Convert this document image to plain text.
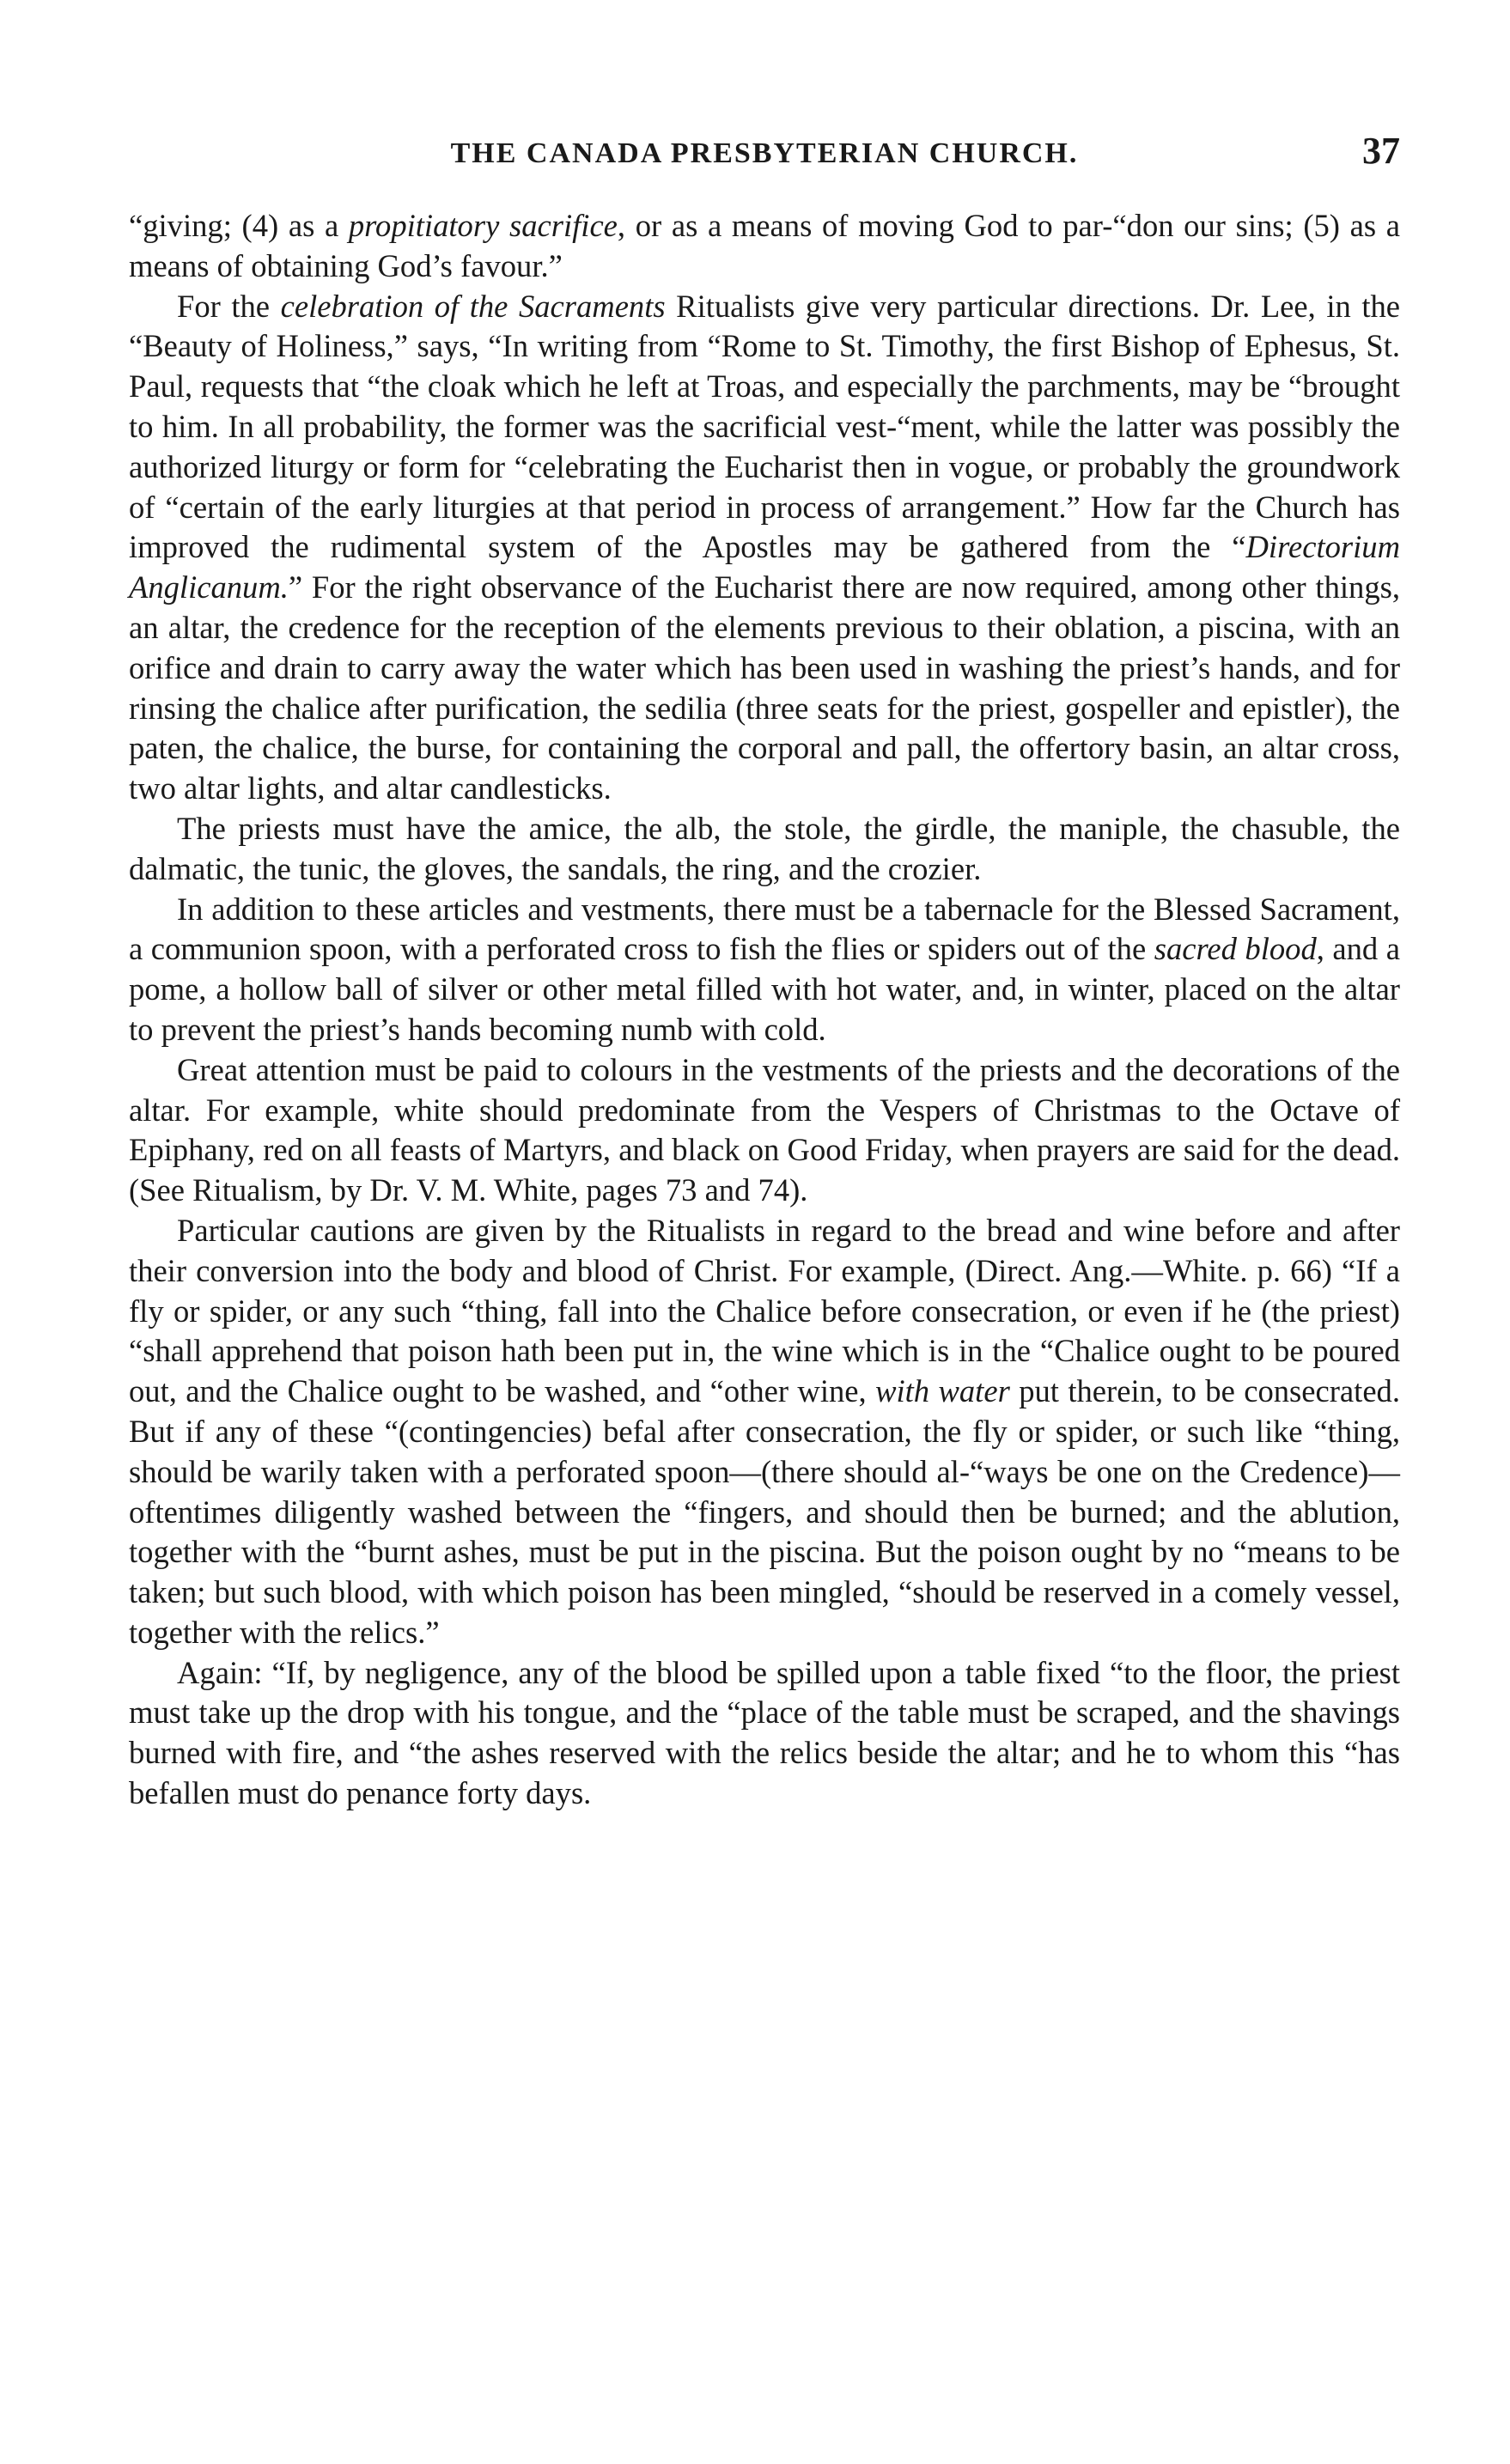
THE CANADA PRESBYTERIAN CHURCH.	37

“giving; (4) as a propitiatory sacrifice, or as a means of moving God to par-“don our sins; (5) as a means of obtaining God’s favour.”

For the celebration of the Sacraments Ritualists give very particular directions. Dr. Lee, in the “Beauty of Holiness,” says, “In writing from “Rome to St. Timothy, the first Bishop of Ephesus, St. Paul, requests that “the cloak which he left at Troas, and especially the parchments, may be “brought to him. In all probability, the former was the sacrificial vest-“ment, while the latter was possibly the authorized liturgy or form for “celebrating the Eucharist then in vogue, or probably the groundwork of “certain of the early liturgies at that period in process of arrangement.” How far the Church has improved the rudimental system of the Apostles may be gathered from the “Directorium Anglicanum.” For the right observance of the Eucharist there are now required, among other things, an altar, the credence for the reception of the elements previous to their oblation, a piscina, with an orifice and drain to carry away the water which has been used in washing the priest’s hands, and for rinsing the chalice after purification, the sedilia (three seats for the priest, gospeller and epistler), the paten, the chalice, the burse, for containing the corporal and pall, the offertory basin, an altar cross, two altar lights, and altar candlesticks.

The priests must have the amice, the alb, the stole, the girdle, the maniple, the chasuble, the dalmatic, the tunic, the gloves, the sandals, the ring, and the crozier.

In addition to these articles and vestments, there must be a tabernacle for the Blessed Sacrament, a communion spoon, with a perforated cross to fish the flies or spiders out of the sacred blood, and a pome, a hollow ball of silver or other metal filled with hot water, and, in winter, placed on the altar to prevent the priest’s hands becoming numb with cold.

Great attention must be paid to colours in the vestments of the priests and the decorations of the altar. For example, white should predominate from the Vespers of Christmas to the Octave of Epiphany, red on all feasts of Martyrs, and black on Good Friday, when prayers are said for the dead. (See Ritualism, by Dr. V. M. White, pages 73 and 74).

Particular cautions are given by the Ritualists in regard to the bread and wine before and after their conversion into the body and blood of Christ. For example, (Direct. Ang.—White. p. 66) “If a fly or spider, or any such “thing, fall into the Chalice before consecration, or even if he (the priest) “shall apprehend that poison hath been put in, the wine which is in the “Chalice ought to be poured out, and the Chalice ought to be washed, and “other wine, with water put therein, to be consecrated. But if any of these “(contingencies) befal after consecration, the fly or spider, or such like “thing, should be warily taken with a perforated spoon—(there should al-“ways be one on the Credence)—oftentimes diligently washed between the “fingers, and should then be burned; and the ablution, together with the “burnt ashes, must be put in the piscina. But the poison ought by no “means to be taken; but such blood, with which poison has been mingled, “should be reserved in a comely vessel, together with the relics.”

Again: “If, by negligence, any of the blood be spilled upon a table fixed “to the floor, the priest must take up the drop with his tongue, and the “place of the table must be scraped, and the shavings burned with fire, and “the ashes reserved with the relics beside the altar; and he to whom this “has befallen must do penance forty days.
